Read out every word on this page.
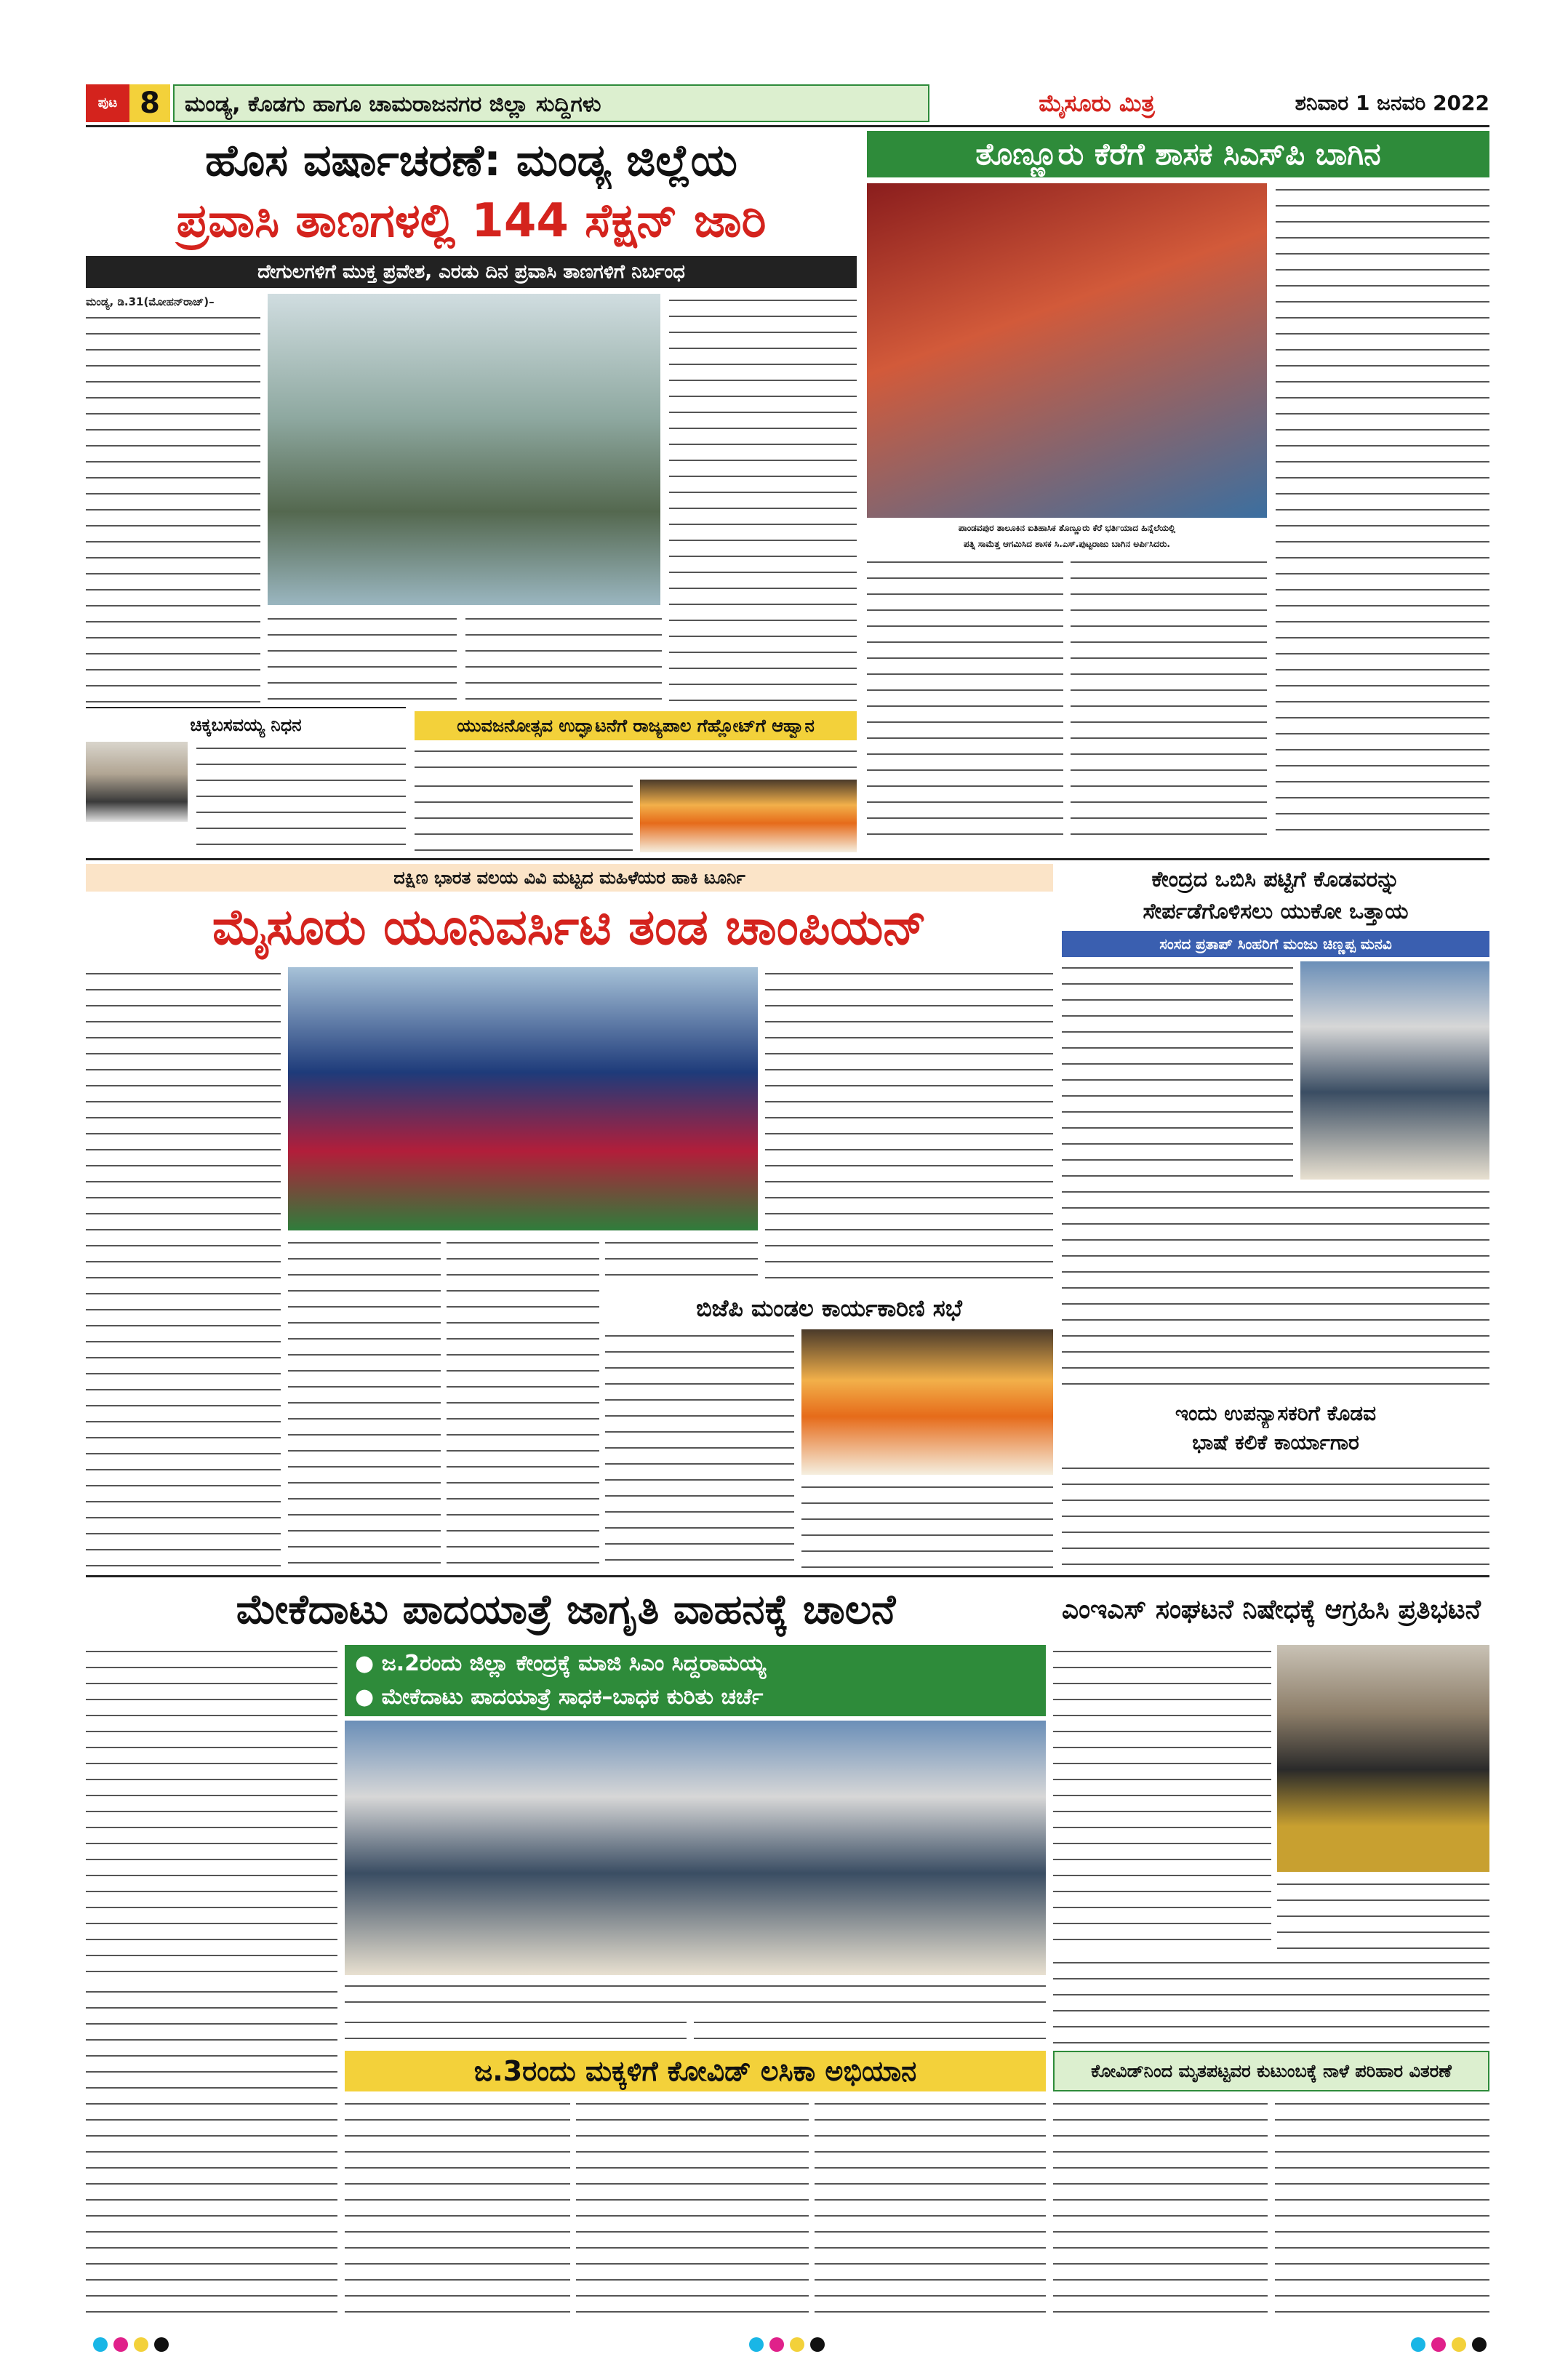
ಪುಟ 8	ಮಂಡ್ಯ, ಕೊಡಗು ಹಾಗೂ ಚಾಮರಾಜನಗರ ಜಿಲ್ಲಾ ಸುದ್ದಿಗಳು	ಮೈಸೂರು ಮಿತ್ರ	ಶನಿವಾರ 1 ಜನವರಿ 2022
ಹೊಸ ವರ್ಷಾಚರಣೆ: ಮಂಡ್ಯ ಜಿಲ್ಲೆಯ
ಪ್ರವಾಸಿ ತಾಣಗಳಲ್ಲಿ 144 ಸೆಕ್ಷನ್ ಜಾರಿ
ದೇಗುಲಗಳಿಗೆ ಮುಕ್ತ ಪ್ರವೇಶ, ಎರಡು ದಿನ ಪ್ರವಾಸಿ ತಾಣಗಳಿಗೆ ನಿರ್ಬಂಧ
ಮಂಡ್ಯ, ಡಿ.31(ಮೋಹನ್‌ರಾಜ್)–
ಚಿಕ್ಕಬಸವಯ್ಯ ನಿಧನ	ಯುವಜನೋತ್ಸವ ಉದ್ಘಾಟನೆಗೆ ರಾಜ್ಯಪಾಲ ಗೆಹ್ಲೋಟ್‌ಗೆ ಆಹ್ವಾನ
ತೊಣ್ಣೂರು ಕೆರೆಗೆ ಶಾಸಕ ಸಿಎಸ್‌ಪಿ ಬಾಗಿನ
ಪಾಂಡವಪುರ ತಾಲೂಕಿನ ಐತಿಹಾಸಿಕ ತೊಣ್ಣೂರು ಕೆರೆ ಭರ್ತಿಯಾದ ಹಿನ್ನೆಲೆಯಲ್ಲಿ
ಪತ್ನಿ ಸಾಮೆತ್ತ ಆಗಮಿಸಿದ ಶಾಸಕ ಸಿ.ಎಸ್.ಪುಟ್ಟರಾಜು ಬಾಗಿನ ಅರ್ಪಿಸಿದರು.
ದಕ್ಷಿಣ ಭಾರತ ವಲಯ ವಿವಿ ಮಟ್ಟದ ಮಹಿಳೆಯರ ಹಾಕಿ ಟೂರ್ನಿ
ಮೈಸೂರು ಯೂನಿವರ್ಸಿಟಿ ತಂಡ ಚಾಂಪಿಯನ್
ಬಿಜೆಪಿ ಮಂಡಲ ಕಾರ್ಯಕಾರಿಣಿ ಸಭೆ
ಕೇಂದ್ರದ ಒಬಿಸಿ ಪಟ್ಟಿಗೆ ಕೊಡವರನ್ನು
ಸೇರ್ಪಡೆಗೊಳಿಸಲು ಯುಕೋ ಒತ್ತಾಯ
ಸಂಸದ ಪ್ರತಾಪ್ ಸಿಂಹರಿಗೆ ಮಂಜು ಚಿಣ್ಣಪ್ಪ ಮನವಿ
ಇಂದು ಉಪನ್ಯಾಸಕರಿಗೆ ಕೊಡವ
ಭಾಷೆ ಕಲಿಕೆ ಕಾರ್ಯಾಗಾರ
ಮೇಕೆದಾಟು ಪಾದಯಾತ್ರೆ ಜಾಗೃತಿ ವಾಹನಕ್ಕೆ ಚಾಲನೆ
● ಜ.2ರಂದು ಜಿಲ್ಲಾ ಕೇಂದ್ರಕ್ಕೆ ಮಾಜಿ ಸಿಎಂ ಸಿದ್ದರಾಮಯ್ಯ
● ಮೇಕೆದಾಟು ಪಾದಯಾತ್ರೆ ಸಾಧಕ–ಬಾಧಕ ಕುರಿತು ಚರ್ಚೆ
ಜ.3ರಂದು ಮಕ್ಕಳಿಗೆ ಕೋವಿಡ್ ಲಸಿಕಾ ಅಭಿಯಾನ
ಎಂಇಎಸ್ ಸಂಘಟನೆ ನಿಷೇಧಕ್ಕೆ ಆಗ್ರಹಿಸಿ ಪ್ರತಿಭಟನೆ
ಕೋವಿಡ್‌ನಿಂದ ಮೃತಪಟ್ಟವರ ಕುಟುಂಬಕ್ಕೆ ನಾಳೆ ಪರಿಹಾರ ವಿತರಣೆ
